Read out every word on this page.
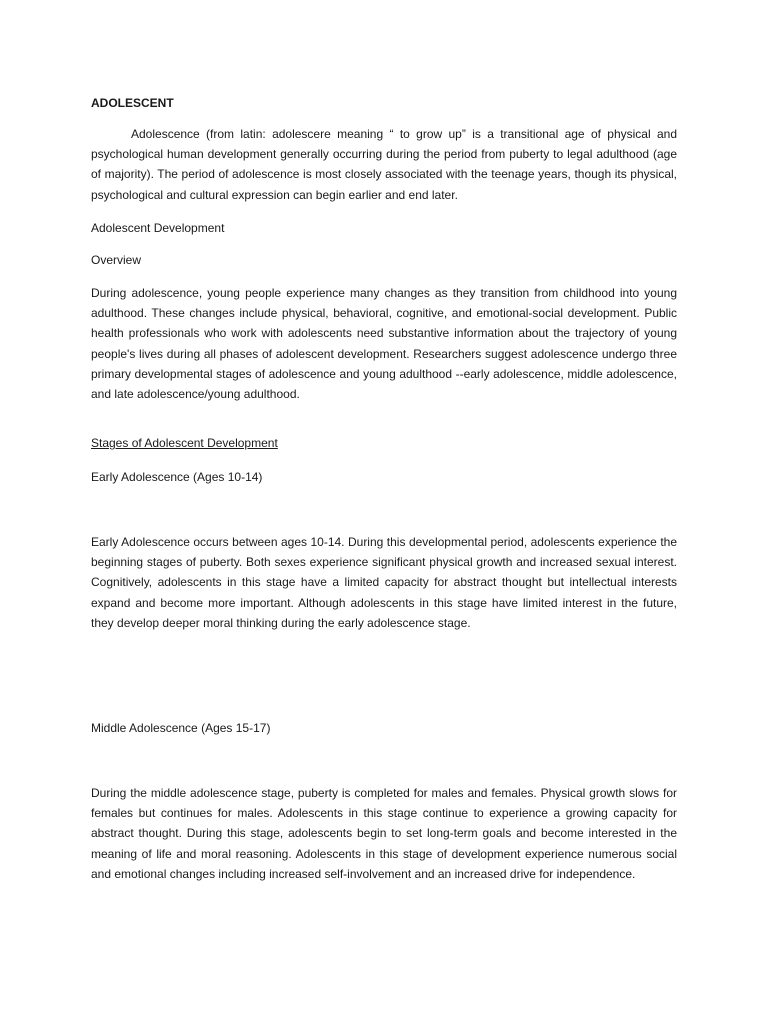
ADOLESCENT

Adolescence (from latin: adolescere meaning “ to grow up” is a transitional age of physical and psychological human development generally occurring during the period from puberty to legal adulthood (age of majority). The period of adolescence is most closely associated with the teenage years, though its physical, psychological and cultural expression can begin earlier and end later.

Adolescent Development

Overview

During adolescence, young people experience many changes as they transition from childhood into young adulthood. These changes include physical, behavioral, cognitive, and emotional-social development. Public health professionals who work with adolescents need substantive information about the trajectory of young people's lives during all phases of adolescent development. Researchers suggest adolescence undergo three primary developmental stages of adolescence and young adulthood --early adolescence, middle adolescence, and late adolescence/young adulthood.

Stages of Adolescent Development

Early Adolescence (Ages 10-14)

Early Adolescence occurs between ages 10-14. During this developmental period, adolescents experience the beginning stages of puberty. Both sexes experience significant physical growth and increased sexual interest. Cognitively, adolescents in this stage have a limited capacity for abstract thought but intellectual interests expand and become more important. Although adolescents in this stage have limited interest in the future, they develop deeper moral thinking during the early adolescence stage.

Middle Adolescence (Ages 15-17)

During the middle adolescence stage, puberty is completed for males and females. Physical growth slows for females but continues for males. Adolescents in this stage continue to experience a growing capacity for abstract thought. During this stage, adolescents begin to set long-term goals and become interested in the meaning of life and moral reasoning. Adolescents in this stage of development experience numerous social and emotional changes including increased self-involvement and an increased drive for independence.
